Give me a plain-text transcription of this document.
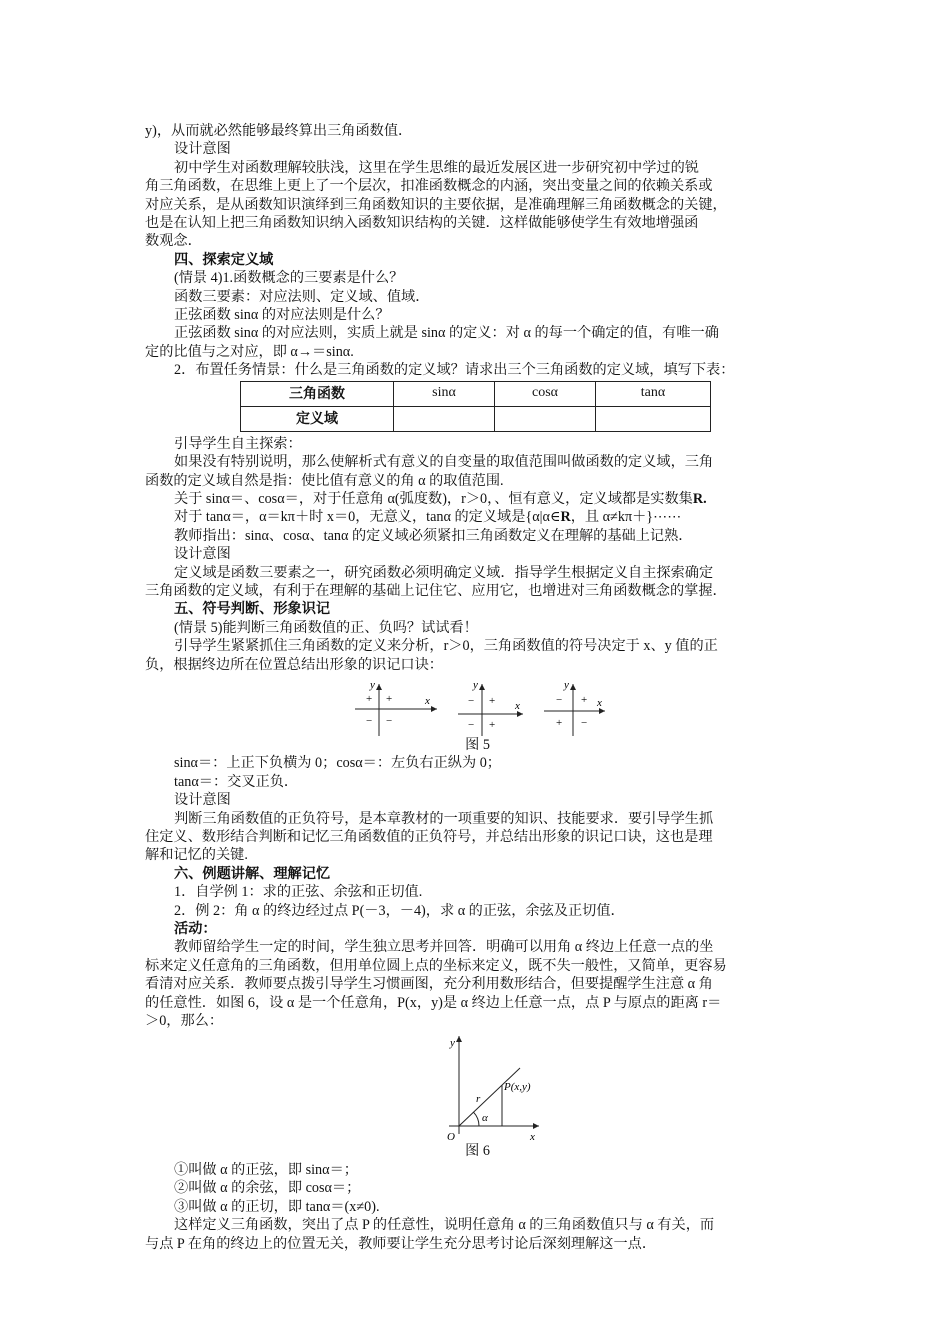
y)，从而就必然能够最终算出三角函数值．
设计意图
初中学生对函数理解较肤浅，这里在学生思维的最近发展区进一步研究初中学过的锐
角三角函数，在思维上更上了一个层次，扣准函数概念的内涵，突出变量之间的依赖关系或
对应关系，是从函数知识演绎到三角函数知识的主要依据，是准确理解三角函数概念的关键，
也是在认知上把三角函数知识纳入函数知识结构的关键．这样做能够使学生有效地增强函
数观念．
四、探索定义域
(情景 4)1.函数概念的三要素是什么？
函数三要素：对应法则、定义域、值域．
正弦函数 sinα 的对应法则是什么？
正弦函数 sinα 的对应法则，实质上就是 sinα 的定义：对 α 的每一个确定的值，有唯一确
定的比值与之对应，即 α→＝sinα.
2．布置任务情景：什么是三角函数的定义域？请求出三个三角函数的定义域，填写下表：
三角函数	sinα	cosα	tanα
定义域			
引导学生自主探索：
如果没有特别说明，那么使解析式有意义的自变量的取值范围叫做函数的定义域，三角
函数的定义域自然是指：使比值有意义的角 α 的取值范围.
关于 sinα＝、cosα＝，对于任意角 α(弧度数)，r＞0，、恒有意义，定义域都是实数集R.
对于 tanα＝，α＝kπ＋时 x＝0，无意义，tanα 的定义域是{α|α∈R，且 α≠kπ＋}⋯⋯
教师指出：sinα、cosα、tanα 的定义域必须紧扣三角函数定义在理解的基础上记熟．
设计意图
定义域是函数三要素之一，研究函数必须明确定义域．指导学生根据定义自主探索确定
三角函数的定义域，有利于在理解的基础上记住它、应用它，也增进对三角函数概念的掌握．
五、符号判断、形象识记
(情景 5)能判断三角函数值的正、负吗？试试看！
引导学生紧紧抓住三角函数的定义来分析，r＞0，三角函数值的符号决定于 x、y 值的正
负，根据终边所在位置总结出形象的识记口诀：
y
x
+ +
− −
y
x
− +
− +
y
x
− +
+ −
图 5
sinα＝：上正下负横为 0；cosα＝：左负右正纵为 0；
tanα＝：交叉正负．
设计意图
判断三角函数值的正负符号，是本章教材的一项重要的知识、技能要求．要引导学生抓
住定义、数形结合判断和记忆三角函数值的正负符号，并总结出形象的识记口诀，这也是理
解和记忆的关键.
六、例题讲解、理解记忆
1．自学例 1：求的正弦、余弦和正切值.
2．例 2：角 α 的终边经过点 P(－3，－4)，求 α 的正弦，余弦及正切值．
活动：
教师留给学生一定的时间，学生独立思考并回答．明确可以用角 α 终边上任意一点的坐
标来定义任意角的三角函数，但用单位圆上点的坐标来定义，既不失一般性，又简单，更容易
看清对应关系．教师要点拨引导学生习惯画图，充分利用数形结合，但要提醒学生注意 α 角
的任意性．如图 6，设 α 是一个任意角，P(x，y)是 α 终边上任意一点，点 P 与原点的距离 r＝
＞0，那么：
y
x
O
r
α
P(x,y)
图 6
①叫做 α 的正弦，即 sinα＝；
②叫做 α 的余弦，即 cosα＝；
③叫做 α 的正切，即 tanα＝(x≠0).
这样定义三角函数，突出了点 P 的任意性，说明任意角 α 的三角函数值只与 α 有关，而
与点 P 在角的终边上的位置无关，教师要让学生充分思考讨论后深刻理解这一点．
